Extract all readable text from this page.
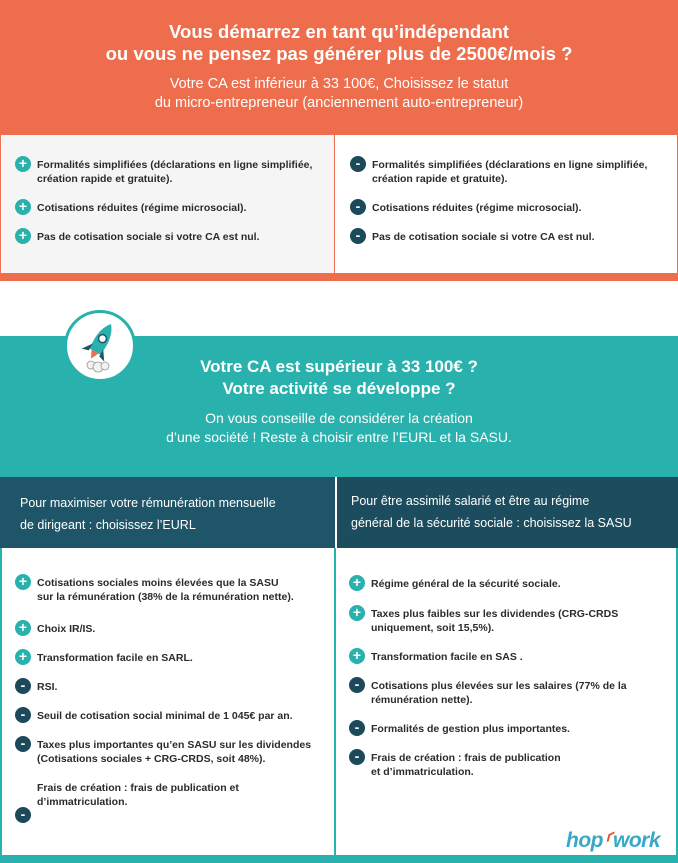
Vous démarrez en tant qu’indépendant
ou vous ne pensez pas générer plus de 2500€/mois ?
Votre CA est inférieur à 33 100€, Choisissez le statut
du micro-entrepreneur (anciennement auto-entrepreneur)
+ Formalités simplifiées (déclarations en ligne simplifiée,
création rapide et gratuite).
+ Cotisations réduites (régime microsocial).
+ Pas de cotisation sociale si votre CA est nul.
-	Formalités simplifiées (déclarations en ligne simplifiée,
création rapide et gratuite).
-	Cotisations réduites (régime microsocial).
-	Pas de cotisation sociale si votre CA est nul.
Votre CA est supérieur à 33 100€ ?
Votre activité se développe ?
On vous conseille de considérer la création
d’une société ! Reste à choisir entre l’EURL et la SASU.
Pour maximiser votre rémunération mensuelle
de dirigeant : choisissez l’EURL
Pour être assimilé salarié et être au régime
général de la sécurité sociale : choisissez la SASU
+ Cotisations sociales moins élevées que la SASU
sur la rémunération (38% de la rémunération nette).
+ Choix IR/IS.
+ Transformation facile en SARL.
-	RSI.
-	Seuil de cotisation social minimal de 1 045€ par an.
-	Taxes plus importantes qu’en SASU sur les dividendes
(Cotisations sociales + CRG-CRDS, soit 48%).
-
Frais de création : frais de publication et
d’immatriculation.
+ Régime général de la sécurité sociale.
+ Taxes plus faibles sur les dividendes (CRG-CRDS
uniquement, soit 15,5%).
+ Transformation facile en SAS .
-	Cotisations plus élevées sur les salaires (77% de la
rémunération nette).
-	Formalités de gestion plus importantes.
-	Frais de création : frais de publication
et d’immatriculation.
hop⸂work
